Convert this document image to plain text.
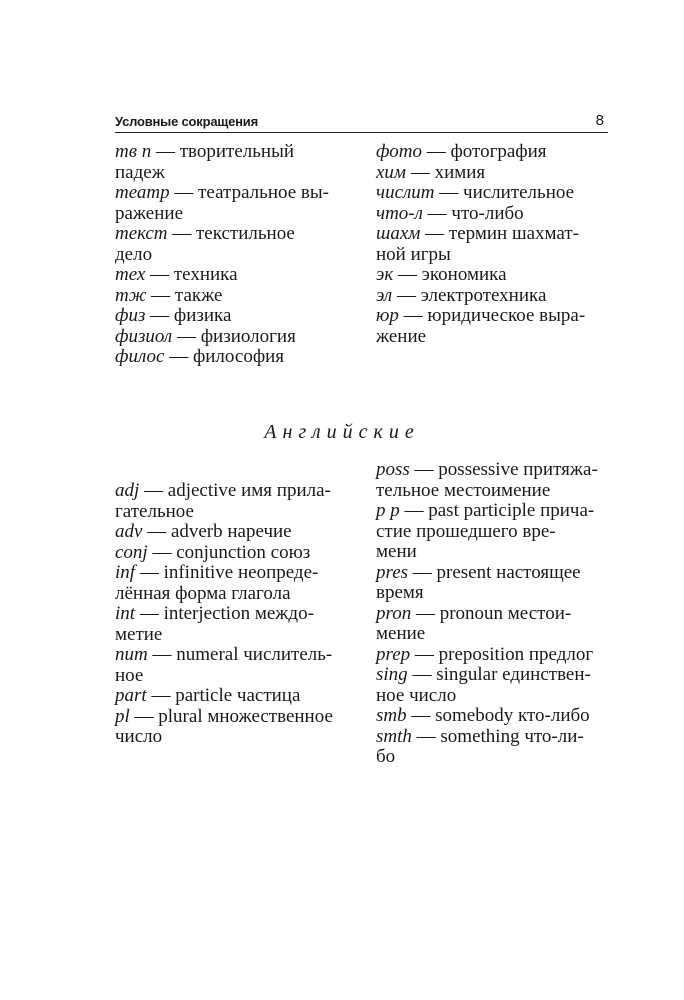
Условные сокращения	8
тв п — творительный
падеж
театр — театральное вы-
ражение
текст — текстильное
дело
тех — техника
тж — также
физ — физика
физиол — физиология
филос — философия
фото — фотография
хим — химия
числит — числительное
что-л — что-либо
шахм — термин шахмат-
ной игры
эк — экономика
эл — электротехника
юр — юридическое выра-
жение
Английские
adj — adjective имя прила-
гательное
adv — adverb наречие
conj — conjunction союз
inf — infinitive неопреде-
лённая форма глагола
int — interjection междо-
метие
num — numeral числитель-
ное
part — particle частица
pl — plural множественное
число
poss — possessive притяжа-
тельное местоимение
p p — past participle прича-
стие прошедшего вре-
мени
pres — present настоящее
время
pron — pronoun местои-
мение
prep — preposition предлог
sing — singular единствен-
ное число
smb — somebody кто-либо
smth — something что-ли-
бо
